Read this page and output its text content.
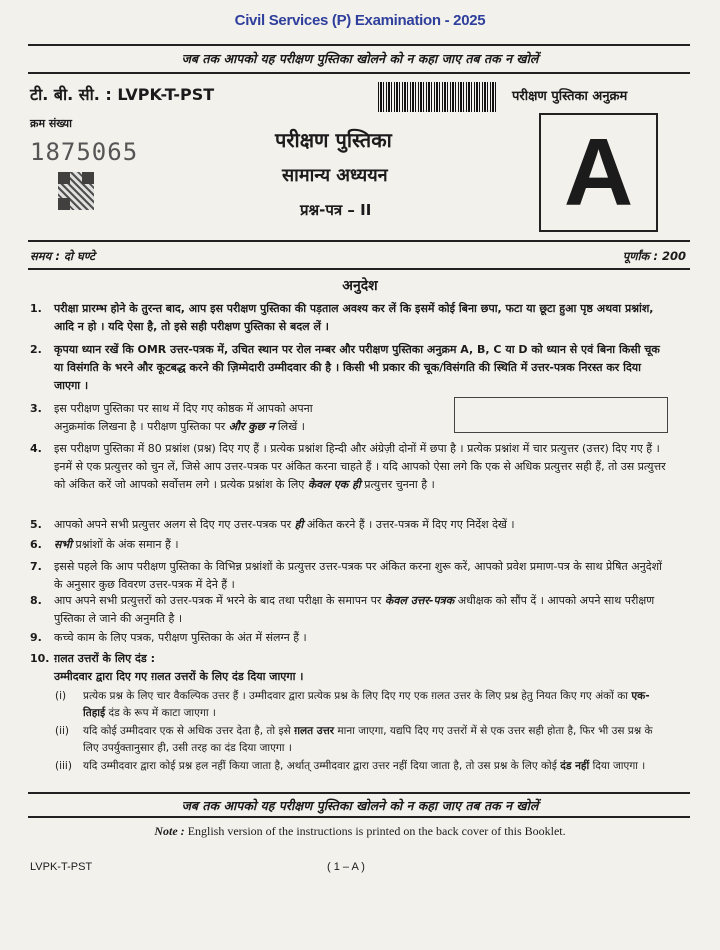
Civil Services (P) Examination - 2025
जब तक आपको यह परीक्षण पुस्तिका खोलने को न कहा जाए तब तक न खोलें
टी. बी. सी. : LVPK-T-PST	परीक्षण पुस्तिका अनुक्रम
क्रम संख्या
1875065	परीक्षण पुस्तिका
सामान्य अध्ययन
प्रश्न-पत्र – II A
समय : दो घण्टे	पूर्णांक : 200
अनुदेश
1.	परीक्षा प्रारम्भ होने के तुरन्त बाद, आप इस परीक्षण पुस्तिका की पड़ताल अवश्य कर लें कि इसमें कोई बिना छपा, फटा या छूटा हुआ पृष्ठ अथवा प्रश्नांश, आदि न हो । यदि ऐसा है, तो इसे सही परीक्षण पुस्तिका से बदल लें ।
2.	कृपया ध्यान रखें कि OMR उत्तर-पत्रक में, उचित स्थान पर रोल नम्बर और परीक्षण पुस्तिका अनुक्रम A, B, C या D को ध्यान से एवं बिना किसी चूक या विसंगति के भरने और कूटबद्ध करने की ज़िम्मेदारी उम्मीदवार की है । किसी भी प्रकार की चूक/विसंगति की स्थिति में उत्तर-पत्रक निरस्त कर दिया जाएगा ।
3.	इस परीक्षण पुस्तिका पर साथ में दिए गए कोष्ठक में आपको अपना
अनुक्रमांक लिखना है । परीक्षण पुस्तिका पर और कुछ न लिखें ।
4.	इस परीक्षण पुस्तिका में 80 प्रश्नांश (प्रश्न) दिए गए हैं । प्रत्येक प्रश्नांश हिन्दी और अंग्रेज़ी दोनों में छपा है । प्रत्येक प्रश्नांश में चार प्रत्युत्तर (उत्तर) दिए गए हैं । इनमें से एक प्रत्युत्तर को चुन लें, जिसे आप उत्तर-पत्रक पर अंकित करना चाहते हैं । यदि आपको ऐसा लगे कि एक से अधिक प्रत्युत्तर सही हैं, तो उस प्रत्युत्तर को अंकित करें जो आपको सर्वोत्तम लगे । प्रत्येक प्रश्नांश के लिए केवल एक ही प्रत्युत्तर चुनना है ।
5.	आपको अपने सभी प्रत्युत्तर अलग से दिए गए उत्तर-पत्रक पर ही अंकित करने हैं । उत्तर-पत्रक में दिए गए निर्देश देखें ।
6.	सभी प्रश्नांशों के अंक समान हैं ।
7.	इससे पहले कि आप परीक्षण पुस्तिका के विभिन्न प्रश्नांशों के प्रत्युत्तर उत्तर-पत्रक पर अंकित करना शुरू करें, आपको प्रवेश प्रमाण-पत्र के साथ प्रेषित अनुदेशों के अनुसार कुछ विवरण उत्तर-पत्रक में देने हैं ।
8.	आप अपने सभी प्रत्युत्तरों को उत्तर-पत्रक में भरने के बाद तथा परीक्षा के समापन पर केवल उत्तर-पत्रक अधीक्षक को सौंप दें । आपको अपने साथ परीक्षण पुस्तिका ले जाने की अनुमति है ।
9.	कच्चे काम के लिए पत्रक, परीक्षण पुस्तिका के अंत में संलग्न हैं ।
10. ग़लत उत्तरों के लिए दंड :
उम्मीदवार द्वारा दिए गए ग़लत उत्तरों के लिए दंड दिया जाएगा ।
(i)	प्रत्येक प्रश्न के लिए चार वैकल्पिक उत्तर हैं । उम्मीदवार द्वारा प्रत्येक प्रश्न के लिए दिए गए एक ग़लत उत्तर के लिए प्रश्न हेतु नियत किए गए अंकों का एक-तिहाई दंड के रूप में काटा जाएगा ।
(ii)	यदि कोई उम्मीदवार एक से अधिक उत्तर देता है, तो इसे ग़लत उत्तर माना जाएगा, यद्यपि दिए गए उत्तरों में से एक उत्तर सही होता है, फिर भी उस प्रश्न के लिए उपर्युक्तानुसार ही, उसी तरह का दंड दिया जाएगा ।
(iii)	यदि उम्मीदवार द्वारा कोई प्रश्न हल नहीं किया जाता है, अर्थात् उम्मीदवार द्वारा उत्तर नहीं दिया जाता है, तो उस प्रश्न के लिए कोई दंड नहीं दिया जाएगा ।
जब तक आपको यह परीक्षण पुस्तिका खोलने को न कहा जाए तब तक न खोलें
Note : English version of the instructions is printed on the back cover of this Booklet.
LVPK-T-PST	( 1 – A )
